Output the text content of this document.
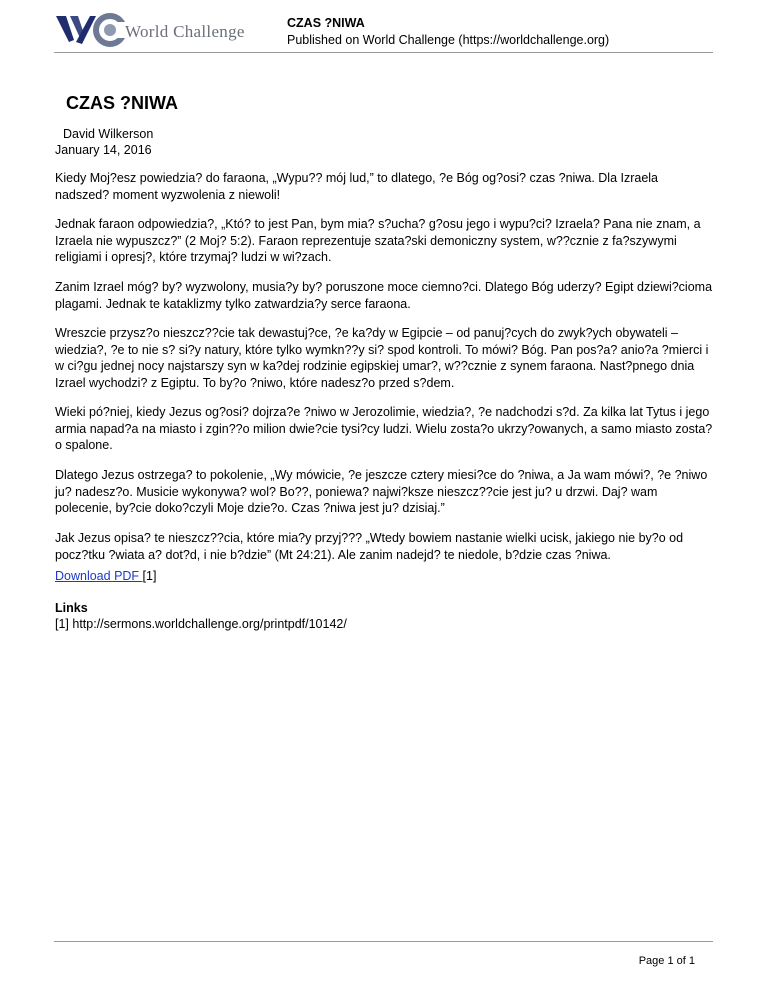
World Challenge	CZAS ?NIWA
Published on World Challenge (https://worldchallenge.org)
CZAS ?NIWA
David Wilkerson
January 14, 2016

Kiedy Moj?esz powiedzia? do faraona, „Wypu?? mój lud,” to dlatego, ?e Bóg og?osi? czas ?niwa. Dla Izraela nadszed? moment wyzwolenia z niewoli!

Jednak faraon odpowiedzia?, „Któ? to jest Pan, bym mia? s?ucha? g?osu jego i wypu?ci? Izraela? Pana nie znam, a Izraela nie wypuszcz?” (2 Moj? 5:2). Faraon reprezentuje szata?ski demoniczny system, w??cznie z fa?szywymi religiami i opresj?, które trzymaj? ludzi w wi?zach.

Zanim Izrael móg? by? wyzwolony, musia?y by? poruszone moce ciemno?ci. Dlatego Bóg uderzy? Egipt dziewi?cioma plagami. Jednak te kataklizmy tylko zatwardzia?y serce faraona.

Wreszcie przysz?o nieszcz??cie tak dewastuj?ce, ?e ka?dy w Egipcie – od panuj?cych do zwyk?ych obywateli – wiedzia?, ?e to nie s? si?y natury, które tylko wymkn??y si? spod kontroli. To mówi? Bóg. Pan pos?a? anio?a ?mierci i w ci?gu jednej nocy najstarszy syn w ka?dej rodzinie egipskiej umar?, w??cznie z synem faraona. Nast?pnego dnia Izrael wychodzi? z Egiptu. To by?o ?niwo, które nadesz?o przed s?dem.

Wieki pó?niej, kiedy Jezus og?osi? dojrza?e ?niwo w Jerozolimie, wiedzia?, ?e nadchodzi s?d. Za kilka lat Tytus i jego armia napad?a na miasto i zgin??o milion dwie?cie tysi?cy ludzi. Wielu zosta?o ukrzy?owanych, a samo miasto zosta?o spalone.

Dlatego Jezus ostrzega? to pokolenie, „Wy mówicie, ?e jeszcze cztery miesi?ce do ?niwa, a Ja wam mówi?, ?e ?niwo ju? nadesz?o. Musicie wykonywa? wol? Bo??, poniewa? najwi?ksze nieszcz??cie jest ju? u drzwi. Daj? wam polecenie, by?cie doko?czyli Moje dzie?o. Czas ?niwa jest ju? dzisiaj.”

Jak Jezus opisa? te nieszcz??cia, które mia?y przyj??? „Wtedy bowiem nastanie wielki ucisk, jakiego nie by?o od pocz?tku ?wiata a? dot?d, i nie b?dzie” (Mt 24:21). Ale zanim nadejd? te niedole, b?dzie czas ?niwa.

Download PDF [1]
Links
[1] http://sermons.worldchallenge.org/printpdf/10142/
Page 1 of 1
